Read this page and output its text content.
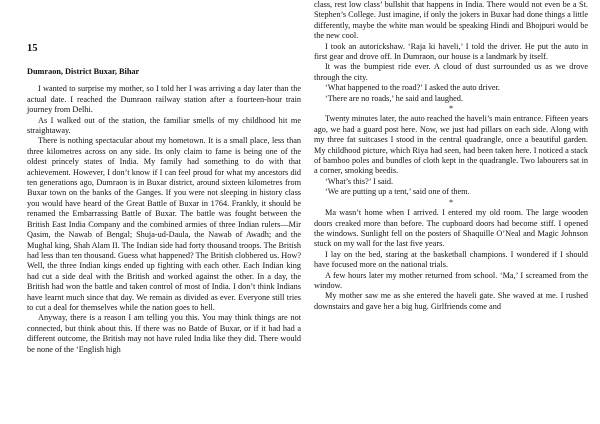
15

Dumraon, District Buxar, Bihar

I wanted to surprise my mother, so I told her I was arriving a day later than the actual date. I reached the Dumraon railway station after a fourteen-hour train journey from Delhi.

As I walked out of the station, the familiar smells of my childhood hit me straightaway.

There is nothing spectacular about my hometown. It is a small place, less than three kilometres across on any side. Its only claim to fame is being one of the oldest princely states of India. My family had something to do with that achievement. However, I don’t know if I can feel proud for what my ancestors did ten generations ago, Dumraon is in Buxar district, around sixteen kilometres from Buxar town on the banks of the Ganges. If you were not sleeping in history class you would have heard of the Great Battle of Buxar in 1764. Frankly, it should be renamed the Embarrassing Battle of Buxar. The battle was fought between the British East India Company and the combined armies of three Indian rulers—Mir Qasim, the Nawab of Bengal; Shuja-ud-Daula, the Nawab of Awadh; and the Mughal king, Shah Alam II. The Indian side had forty thousand troops. The British had less than ten thousand. Guess what happened? The British clobbered us. How? Well, the three Indian kings ended up fighting with each other. Each Indian king had cut a side deal with the British and worked against the other. In a day, the British had won the battle and taken control of most of India. I don’t think Indians have learnt much since that day. We remain as divided as ever. Everyone still tries to cut a deal for themselves while the nation goes to hell.

Anyway, there is a reason I am telling you this. You may think things are not connected, but think about this. If there was no Batde of Buxar, or if it had had a different outcome, the British may not have ruled India like they did. There would be none of the ‘English high

class, rest low class’ bullshit that happens in India. There would not even be a St. Stephen’s College. Just imagine, if only the jokers in Buxar had done things a little differently, maybe the white man would be speaking Hindi and Bhojpuri would be the new cool.

I took an autorickshaw. ‘Raja ki haveli,’ I told the driver. He put the auto in first gear and drove off. In Dumraon, our house is a landmark by itself.

It was the bumpiest ride ever. A cloud of dust surrounded us as we drove through the city.

‘What happened to the road?’ I asked the auto driver.

‘There are no roads,’ he said and laughed.

*

Twenty minutes later, the auto reached the haveli’s main entrance. Fifteen years ago, we had a guard post here. Now, we just had pillars on each side. Along with my three fat suitcases I stood in the central quadrangle, once a beautiful garden. My childhood picture, which Riya had seen, had been taken here. I noticed a stack of bamboo poles and bundles of cloth kept in the quadrangle. Two labourers sat in a corner, smoking beedis.

‘What’s this?’ I said.

‘We are putting up a tent,’ said one of them.

*

Ma wasn’t home when I arrived. I entered my old room. The large wooden doors creaked more than before. The cupboard doors had become stiff. I opened the windows. Sunlight fell on the posters of Shaquille O’Neal and Magic Johnson stuck on my wall for the last five years.

I lay on the bed, staring at the basketball champions. I wondered if I should have focused more on the national trials.

A few hours later my mother returned from school. ‘Ma,’ I screamed from the window.

My mother saw me as she entered the haveli gate. She waved at me. I rushed downstairs and gave her a big hug. Girlfriends come and
